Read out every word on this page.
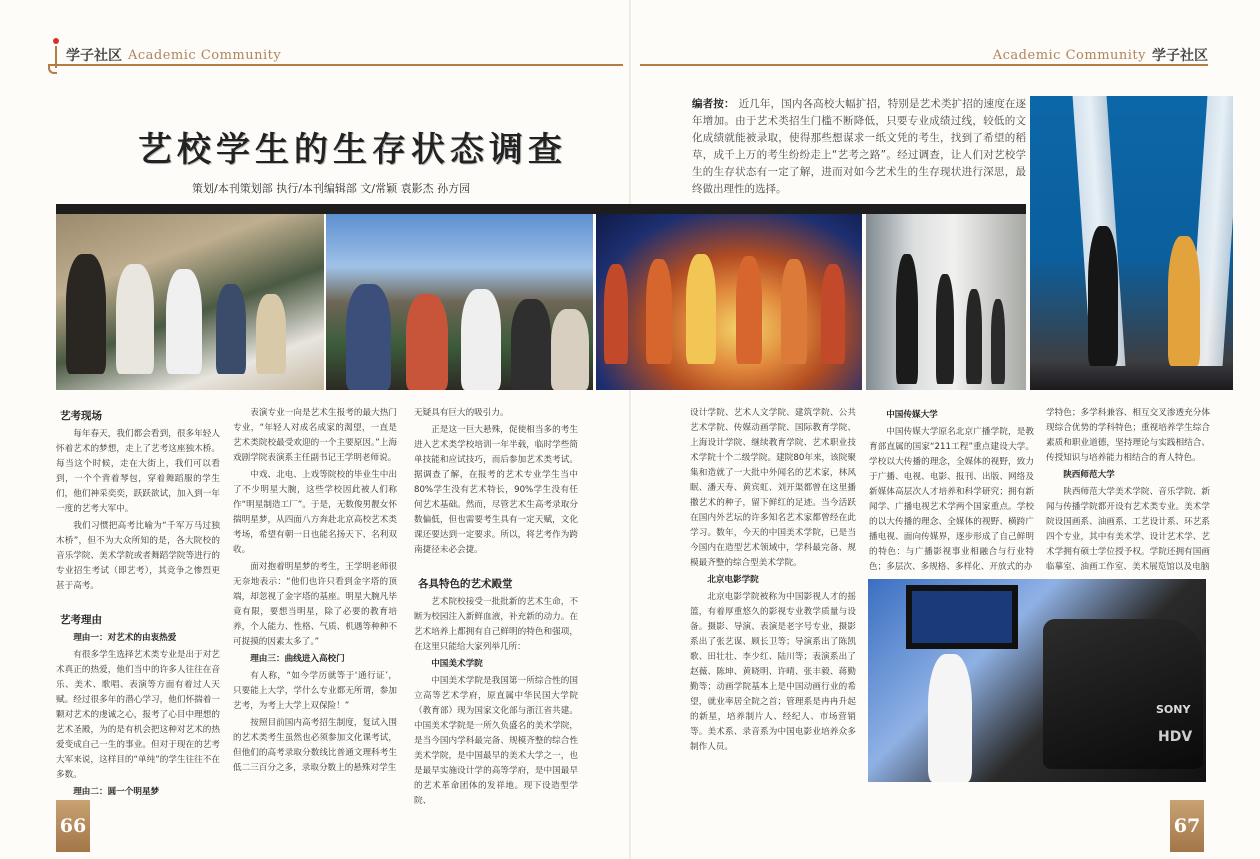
学子社区 Academic Community	Academic Community 学子社区
艺校学生的生存状态调查
策划/本刊策划部 执行/本刊编辑部 文/常颖 袁影杰 孙方园
编者按： 近几年，国内各高校大幅扩招，特别是艺术类扩招的速度在逐年增加。由于艺术类招生门槛不断降低，只要专业成绩过线，较低的文化成绩就能被录取，使得那些想谋求一纸文凭的考生，找到了希望的稻草，成千上万的考生纷纷走上“艺考之路”。经过调查，让人们对艺校学生的生存状态有一定了解，进而对如今艺术生的生存现状进行深思，最终做出理性的选择。
SONY
HDV
艺考现场

每年春天，我们都会看到，很多年轻人怀着艺术的梦想，走上了艺考这座独木桥。每当这个时候，走在大街上，我们可以看到，一个个背着琴包，穿着舞蹈服的学生们，他们神采奕奕，跃跃欲试，加入到一年一度的艺考大军中。

我们习惯把高考比喻为“千军万马过独木桥”，但不为大众所知的是，各大院校的音乐学院、美术学院或者舞蹈学院等进行的专业招生考试（即艺考），其竞争之惨烈更甚于高考。

艺考理由
理由一：对艺术的由衷热爱

有很多学生选择艺术类专业是出于对艺术真正的热爱，他们当中的许多人往往在音乐、美术、歌唱、表演等方面有着过人天赋。经过很多年的潜心学习，他们怀揣着一颗对艺术的虔诚之心，报考了心目中理想的艺术圣殿，为的是有机会把这种对艺术的热爱变成自己一生的事业。但对于现在的艺考大军来说，这样目的“单纯”的学生往往不在多数。

理由二：圆一个明星梦

表演专业一向是艺术生报考的最大热门专业，“年轻人对成名成家的渴望，一直是艺术类院校最受欢迎的一个主要原因。”上海戏剧学院表演系主任副书记王学明老师说。

中戏、北电、上戏等院校的毕业生中出了不少明星大腕，这些学校因此被人们称作“明星制造工厂”。于是，无数俊男靓女怀揣明星梦，从四面八方奔赴北京高校艺术类考场，希望有朝一日也能名扬天下、名利双收。

面对抱着明星梦的考生，王学明老师很无奈地表示：“他们也许只看到金字塔的顶端，却忽视了金字塔的基座。明星大腕凡毕竟有限，要想当明星，除了必要的教育培养，个人能力、性格、气质、机遇等种种不可捉摸的因素太多了。”

理由三：曲线进入高校门

有人称，“如今学历就等于‘通行证’，只要能上大学，学什么专业都无所谓，参加艺考，为考上大学上双保险！”

按照目前国内高考招生制度，复试入围的艺术类考生虽然也必须参加文化课考试，但他们的高考录取分数线比普通文理科考生低二三百分之多，录取分数上的悬殊对学生

无疑具有巨大的吸引力。

正是这一巨大悬殊，促使相当多的考生进入艺术类学校培训一年半载，临时学些简单技能和应试技巧，而后参加艺术类考试。据调查了解，在报考的艺术专业学生当中80%学生没有艺术特长，90%学生没有任何艺术基础。然而，尽管艺术生高考录取分数偏低，但也需要考生具有一定天赋，文化课还要达到一定要求。所以，将艺考作为跨南捷径未必会捷。

各具特色的艺术殿堂

艺术院校接受一批批新的艺术生命，不断为校园注入新鲜血液，补充新的动力。在艺术培养上都拥有自己鲜明的特色和强项，在这里只能给大家列举几所：

中国美术学院

中国美术学院是我国第一所综合性的国立高等艺术学府，原直属中华民国大学院（教育部）现为国家文化部与浙江省共建。中国美术学院是一所久负盛名的美术学院，是当今国内学科最完备、规模齐整的综合性美术学院，是中国最早的美术大学之一，也是最早实施设计学的高等学府，是中国最早的艺术革命团体的发祥地。现下设造型学院、

设计学院、艺术人文学院、建筑学院、公共艺术学院、传媒动画学院、国际教育学院、上海设计学院、继续教育学院、艺术职业技术学院十个二级学院。建院80年来，该院聚集和造就了一大批中外闻名的艺术家，林风眠、潘天寿、黄宾虹、刘开渠都曾在这里播撒艺术的种子，留下鲜红的足迹。当今活跃在国内外艺坛的许多知名艺术家都曾经在此学习。数年，今天的中国美术学院，已是当今国内在造型艺术领域中，学科最完备、规模最齐整的综合型美术学院。

北京电影学院

北京电影学院被称为中国影视人才的摇篮，有着厚重悠久的影视专业教学质量与设备。摄影、导演、表演是老字号专业，摄影系出了张艺谋、顾长卫等；导演系出了陈凯歌、田壮壮、李少红、陆川等；表演系出了赵薇、陈坤、黄晓明、许晴、张丰毅、蒋勤勤等；动画学院基本上是中国动画行业的希望，就业率居全院之首；管理系是冉冉升起的新星，培养制片人、经纪人、市场营销等。美术系、录音系为中国电影业培养众多制作人员。

中国传媒大学

中国传媒大学原名北京广播学院，是教育部直属的国家“211工程”重点建设大学。学校以大传播的理念，全媒体的视野，致力于广播、电视、电影、报刊、出版、网络及新媒体高层次人才培养和科学研究；拥有新闻学、广播电视艺术学两个国家重点。学校的以大传播的理念、全媒体的视野、横跨广播电视、面向传媒界，逐步形成了自己鲜明的特色：与广播影视事业相融合与行业特色；多层次、多规格、多样化、开放式的办

学特色；多学科兼容、相互交叉渗透充分体现综合优势的学科特色；重视培养学生综合素质和职业道德，坚持理论与实践相结合、传授知识与培养能力相结合的育人特色。

陕西师范大学

陕西师范大学美术学院、音乐学院、新闻与传播学院都开设有艺术类专业。美术学院设国画系、油画系、工艺设计系、环艺系四个专业，其中有美术学、设计艺术学、艺术学拥有硕士学位授予权。学院还拥有国画临摹室、油画工作室、美术展览馆以及电脑

66	67
